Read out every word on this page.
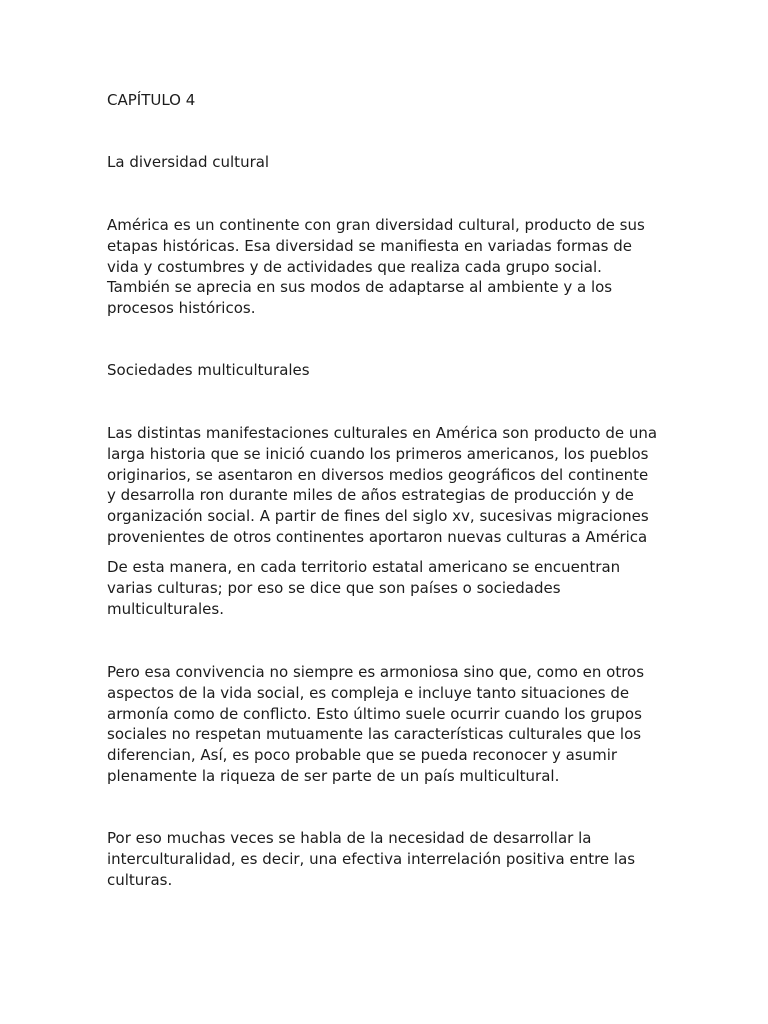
CAPÍTULO 4

La diversidad cultural

América es un continente con gran diversidad cultural, producto de sus
etapas históricas. Esa diversidad se manifiesta en variadas formas de
vida y costumbres y de actividades que realiza cada grupo social.
También se aprecia en sus modos de adaptarse al ambiente y a los
procesos históricos.

Sociedades multiculturales

Las distintas manifestaciones culturales en América son producto de una
larga historia que se inició cuando los primeros americanos, los pueblos
originarios, se asentaron en diversos medios geográficos del continente
y desarrolla ron durante miles de años estrategias de producción y de
organización social. A partir de fines del siglo xv, sucesivas migraciones
provenientes de otros continentes aportaron nuevas culturas a América

De esta manera, en cada territorio estatal americano se encuentran
varias culturas; por eso se dice que son países o sociedades
multiculturales.

Pero esa convivencia no siempre es armoniosa sino que, como en otros
aspectos de la vida social, es compleja e incluye tanto situaciones de
armonía como de conflicto. Esto último suele ocurrir cuando los grupos
sociales no respetan mutuamente las características culturales que los
diferencian, Así, es poco probable que se pueda reconocer y asumir
plenamente la riqueza de ser parte de un país multicultural.

Por eso muchas veces se habla de la necesidad de desarrollar la
interculturalidad, es decir, una efectiva interrelación positiva entre las
culturas.
